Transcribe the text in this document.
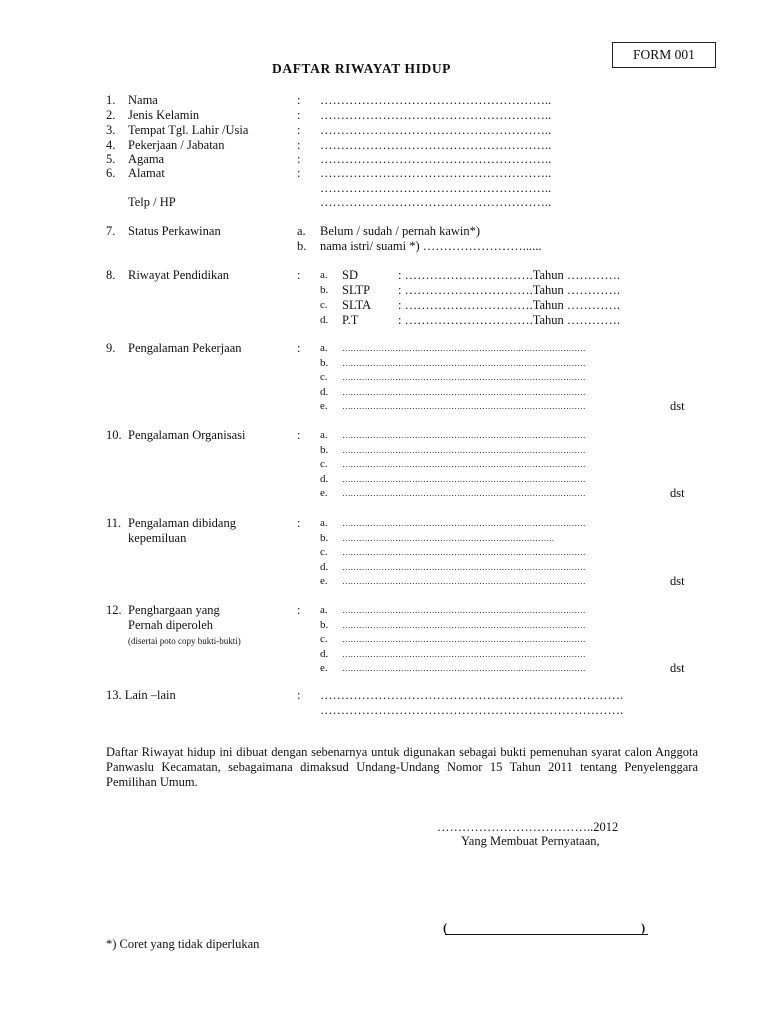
FORM 001
DAFTAR RIWAYAT HIDUP
1. Nama	: ………………………………………………..
2. Jenis Kelamin	: ………………………………………………..
3. Tempat Tgl. Lahir /Usia	: ………………………………………………..
4. Pekerjaan / Jabatan	: ………………………………………………..
5. Agama	: ………………………………………………..
6. Alamat	: ………………………………………………..
………………………………………………..
Telp / HP	………………………………………………..
7. Status Perkawinan	a. Belum / sudah / pernah kawin*)
b. nama istri/ suami *) ……………………......
8. Riwayat Pendidikan	: a. SD	: ………………………….Tahun ………….
b. SLTP : ………………………….Tahun ………….
c. SLTA : ………………………….Tahun ………….
d. P.T	: ………………………….Tahun ………….
9. Pengalaman Pekerjaan	: a. ……………………………………………………………………………
b. ……………………………………………………………………………
c. ……………………………………………………………………………
d. ……………………………………………………………………………
e. ……………………………………………………………………………	dst
10. Pengalaman Organisasi	: a. ……………………………………………………………………………
b. ……………………………………………………………………………
c. ……………………………………………………………………………
d. ……………………………………………………………………………
e. ……………………………………………………………………………	dst
11. Pengalaman dibidang
kepemiluan
: a. ……………………………………………………………………………
b. ………………………………………………………………….
c. ……………………………………………………………………………
d. ……………………………………………………………………………
e. ……………………………………………………………………………	dst
12. Penghargaan yang
Pernah diperoleh
(disertai poto copy bukti-bukti)
: a. ……………………………………………………………………………
b. ……………………………………………………………………………
c. ……………………………………………………………………………
d. ……………………………………………………………………………
e. ……………………………………………………………………………	dst
13. Lain –lain	: ……………………………………………………………….
……………………………………………………………….
Daftar Riwayat hidup ini dibuat dengan sebenarnya untuk digunakan sebagai bukti pemenuhan syarat calon Anggota Panwaslu Kecamatan, sebagaimana dimaksud Undang-Undang Nomor 15 Tahun 2011 tentang Penyelenggara Pemilihan Umum.
………………………………..2012
Yang Membuat Pernyataan,
(	)
*) Coret yang tidak diperlukan
